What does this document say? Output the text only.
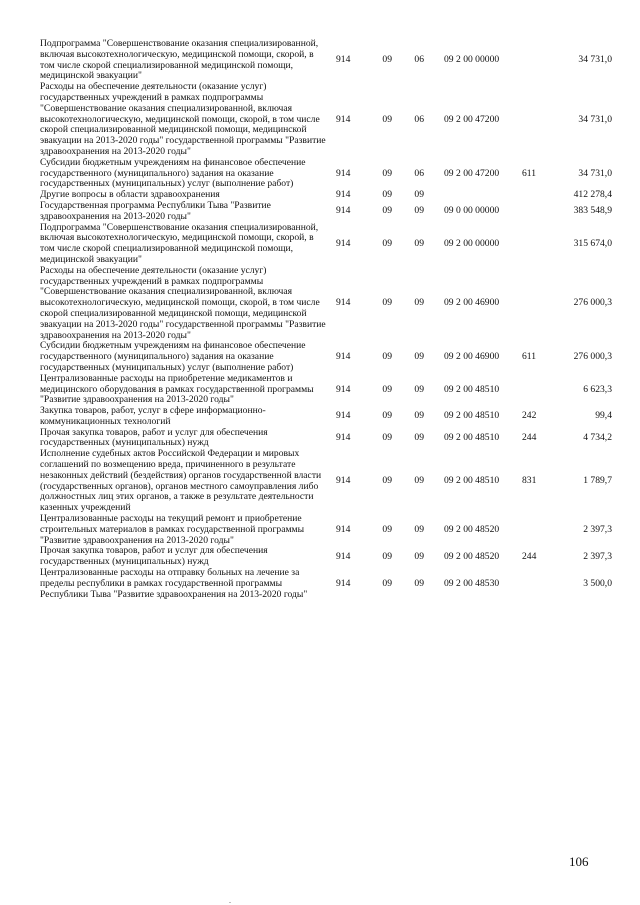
Подпрограмма "Совершенствование оказания специализированной, включая высокотехнологическую, медицинской помощи, скорой, в том числе скорой специализированной медицинской помощи, медицинской эвакуации"	914	09	06	09 2 00 00000		34 731,0
Расходы на обеспечение деятельности (оказание услуг) государственных учреждений в рамках подпрограммы "Совершенствование оказания специализированной, включая высокотехнологическую, медицинской помощи, скорой, в том числе скорой специализированной медицинской помощи, медицинской эвакуации на 2013-2020 годы" государственной программы "Развитие здравоохранения на 2013-2020 годы"	914	09	06	09 2 00 47200		34 731,0
Субсидии бюджетным учреждениям на финансовое обеспечение государственного (муниципального) задания на оказание государственных (муниципальных) услуг (выполнение работ)	914	09	06	09 2 00 47200	611	34 731,0
Другие вопросы в области здравоохранения	914	09	09			412 278,4
Государственная программа Республики Тыва "Развитие здравоохранения на 2013-2020 годы"	914	09	09	09 0 00 00000		383 548,9
Подпрограмма "Совершенствование оказания специализированной, включая высокотехнологическую, медицинской помощи, скорой, в том числе скорой специализированной медицинской помощи, медицинской эвакуации"	914	09	09	09 2 00 00000		315 674,0
Расходы на обеспечение деятельности (оказание услуг) государственных учреждений в рамках подпрограммы "Совершенствование оказания специализированной, включая высокотехнологическую, медицинской помощи, скорой, в том числе скорой специализированной медицинской помощи, медицинской эвакуации на 2013-2020 годы" государственной программы "Развитие здравоохранения на 2013-2020 годы"	914	09	09	09 2 00 46900		276 000,3
Субсидии бюджетным учреждениям на финансовое обеспечение государственного (муниципального) задания на оказание государственных (муниципальных) услуг (выполнение работ)	914	09	09	09 2 00 46900	611	276 000,3
Централизованные расходы на приобретение медикаментов и медицинского оборудования в рамках государственной программы "Развитие здравоохранения на 2013-2020 годы"	914	09	09	09 2 00 48510		6 623,3
Закупка товаров, работ, услуг в сфере информационно-коммуникационных технологий	914	09	09	09 2 00 48510	242	99,4
Прочая закупка товаров, работ и услуг для обеспечения государственных (муниципальных) нужд	914	09	09	09 2 00 48510	244	4 734,2
Исполнение судебных актов Российской Федерации и мировых соглашений по возмещению вреда, причиненного в результате незаконных действий (бездействия) органов государственной власти (государственных органов), органов местного самоуправления либо должностных лиц этих органов, а также в результате деятельности казенных учреждений	914	09	09	09 2 00 48510	831	1 789,7
Централизованные расходы на текущий ремонт и приобретение строительных материалов в рамках государственной программы "Развитие здравоохранения на 2013-2020 годы"	914	09	09	09 2 00 48520		2 397,3
Прочая закупка товаров, работ и услуг для обеспечения государственных (муниципальных) нужд	914	09	09	09 2 00 48520	244	2 397,3
Централизованные расходы на отправку больных на лечение за пределы республики в рамках государственной программы Республики Тыва "Развитие здравоохранения на 2013-2020 годы"	914	09	09	09 2 00 48530		3 500,0
106
.
